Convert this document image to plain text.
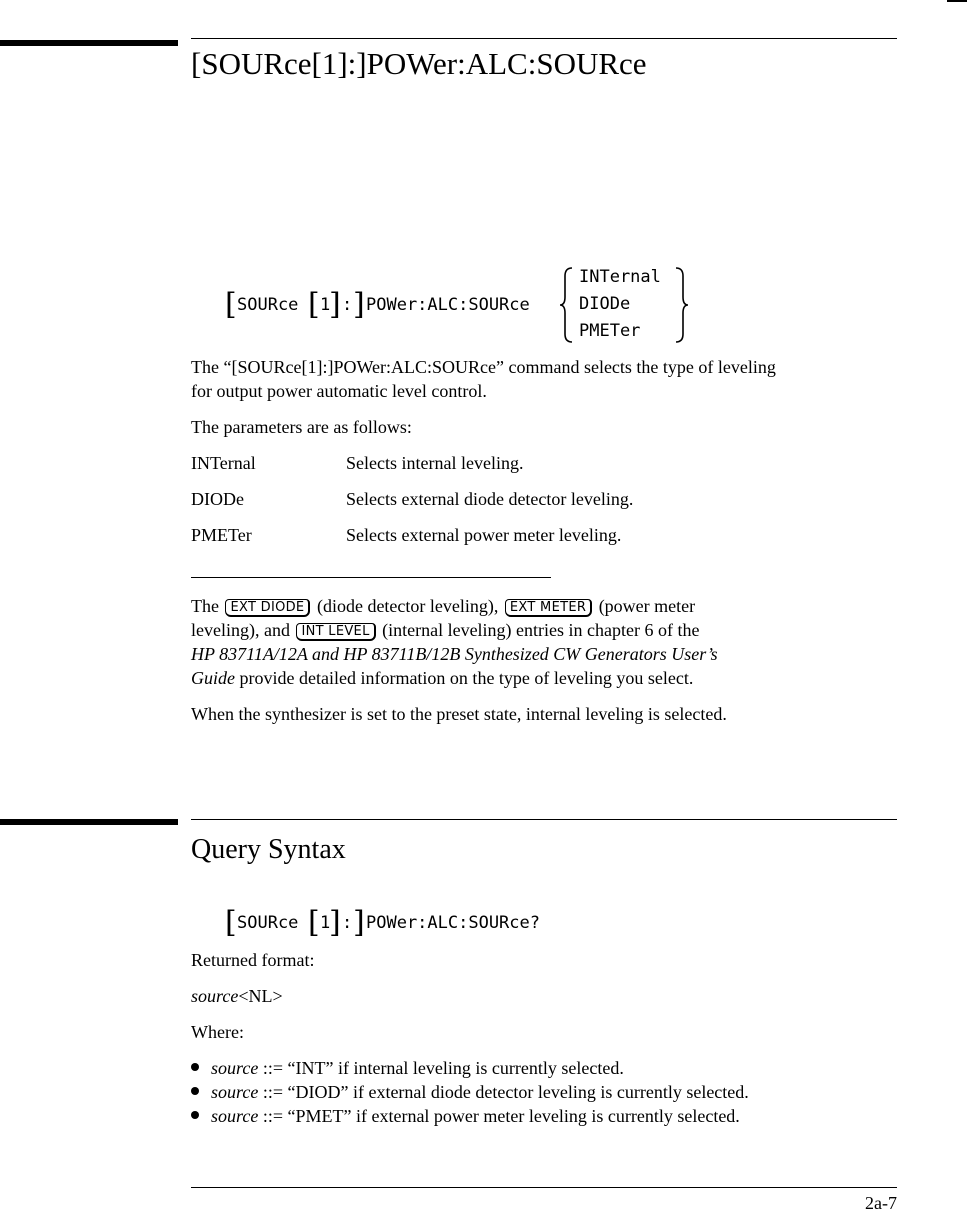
[SOURce[1]:]POWer:ALC:SOURce
[ SOURce [ 1
] : ] POWer:ALC:SOURce
INTernal
DIODe
PMETer
The “[SOURce[1]:]POWer:ALC:SOURce” command selects the type of leveling
for output power automatic level control.
The parameters are as follows:
INTernal	Selects internal leveling.
DIODe	Selects external diode detector leveling.
PMETer	Selects external power meter leveling.
The EXT DIODE (diode detector leveling), EXT METER (power meter
leveling), and INT LEVEL (internal leveling) entries in chapter 6 of the
HP 83711A/12A and HP 83711B/12B Synthesized CW Generators User’s
Guide provide detailed information on the type of leveling you select.
When the synthesizer is set to the preset state, internal leveling is selected.
Query Syntax
[ SOURce [ 1
] : ] POWer:ALC:SOURce?
Returned format:
source<NL>
Where:
source ::= “INT” if internal leveling is currently selected.
source ::= “DIOD” if external diode detector leveling is currently selected.
source ::= “PMET” if external power meter leveling is currently selected.
2a-7
